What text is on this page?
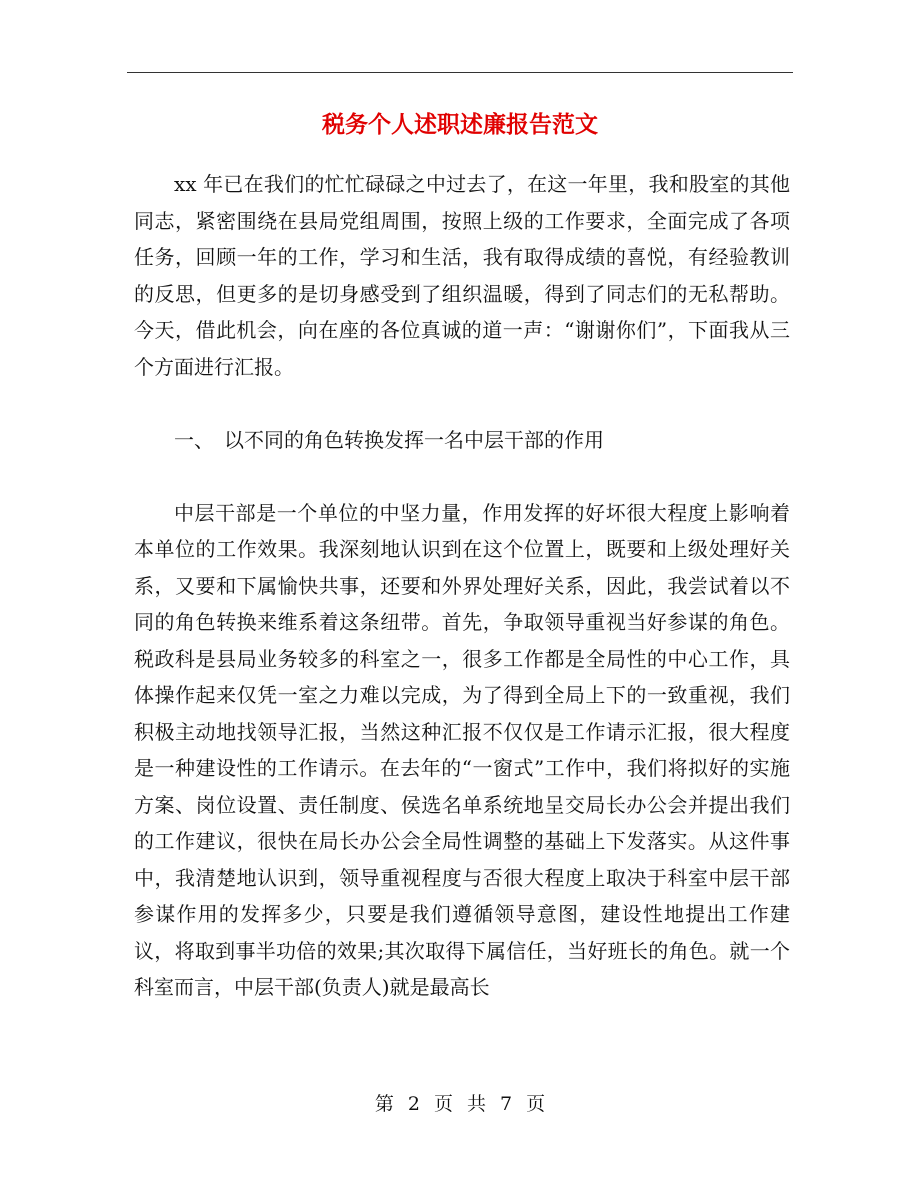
税务个人述职述廉报告范文

xx 年已在我们的忙忙碌碌之中过去了，在这一年里，我和股室的其他同志，紧密围绕在县局党组周围，按照上级的工作要求，全面完成了各项任务，回顾一年的工作，学习和生活，我有取得成绩的喜悦，有经验教训的反思，但更多的是切身感受到了组织温暖，得到了同志们的无私帮助。今天，借此机会，向在座的各位真诚的道一声：“谢谢你们”，下面我从三个方面进行汇报。

一、　以不同的角色转换发挥一名中层干部的作用

中层干部是一个单位的中坚力量，作用发挥的好坏很大程度上影响着本单位的工作效果。我深刻地认识到在这个位置上，既要和上级处理好关系，又要和下属愉快共事，还要和外界处理好关系，因此，我尝试着以不同的角色转换来维系着这条纽带。首先，争取领导重视当好参谋的角色。税政科是县局业务较多的科室之一，很多工作都是全局性的中心工作，具体操作起来仅凭一室之力难以完成，为了得到全局上下的一致重视，我们积极主动地找领导汇报，当然这种汇报不仅仅是工作请示汇报，很大程度是一种建设性的工作请示。在去年的“一窗式”工作中，我们将拟好的实施方案、岗位设置、责任制度、侯选名单系统地呈交局长办公会并提出我们的工作建议，很快在局长办公会全局性调整的基础上下发落实。从这件事中，我清楚地认识到，领导重视程度与否很大程度上取决于科室中层干部参谋作用的发挥多少，只要是我们遵循领导意图，建设性地提出工作建议，将取到事半功倍的效果;其次取得下属信任，当好班长的角色。就一个科室而言，中层干部(负责人)就是最高长

第 2 页 共 7 页
